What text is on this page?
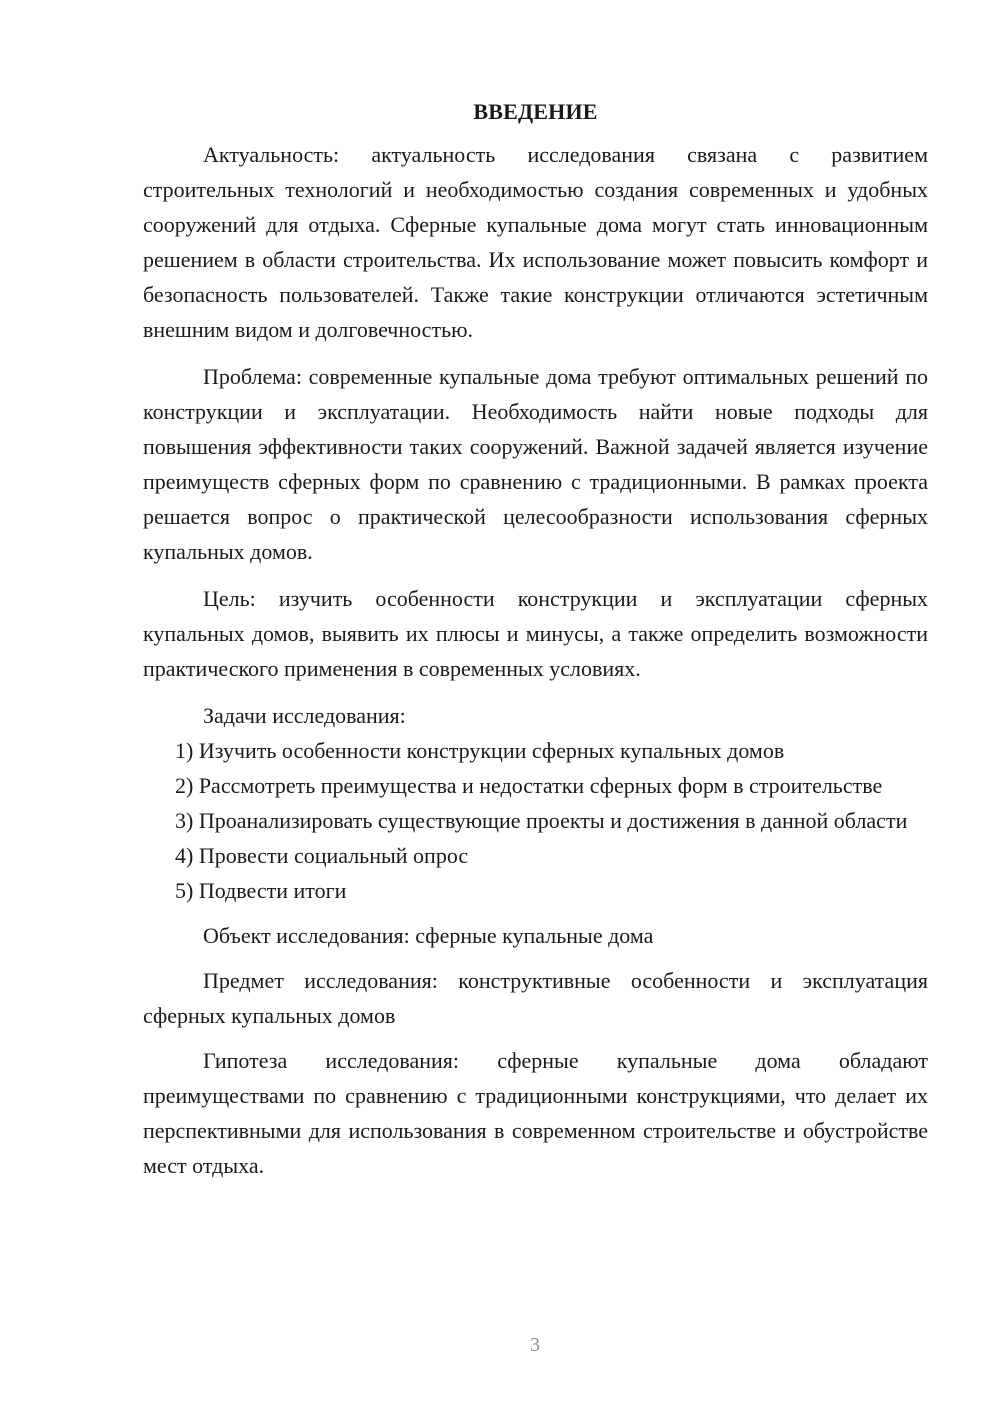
ВВЕДЕНИЕ

Актуальность: актуальность исследования связана с развитием строительных технологий и необходимостью создания современных и удобных сооружений для отдыха. Сферные купальные дома могут стать инновационным решением в области строительства. Их использование может повысить комфорт и безопасность пользователей. Также такие конструкции отличаются эстетичным внешним видом и долговечностью.

Проблема: современные купальные дома требуют оптимальных решений по конструкции и эксплуатации. Необходимость найти новые подходы для повышения эффективности таких сооружений. Важной задачей является изучение преимуществ сферных форм по сравнению с традиционными. В рамках проекта решается вопрос о практической целесообразности использования сферных купальных домов.

Цель: изучить особенности конструкции и эксплуатации сферных купальных домов, выявить их плюсы и минусы, а также определить возможности практического применения в современных условиях.

Задачи исследования:

1) Изучить особенности конструкции сферных купальных домов

2) Рассмотреть преимущества и недостатки сферных форм в строительстве

3) Проанализировать существующие проекты и достижения в данной области

4) Провести социальный опрос

5) Подвести итоги

Объект исследования: сферные купальные дома

Предмет исследования: конструктивные особенности и эксплуатация сферных купальных домов

Гипотеза исследования: сферные купальные дома обладают преимуществами по сравнению с традиционными конструкциями, что делает их перспективными для использования в современном строительстве и обустройстве мест отдыха.

3
